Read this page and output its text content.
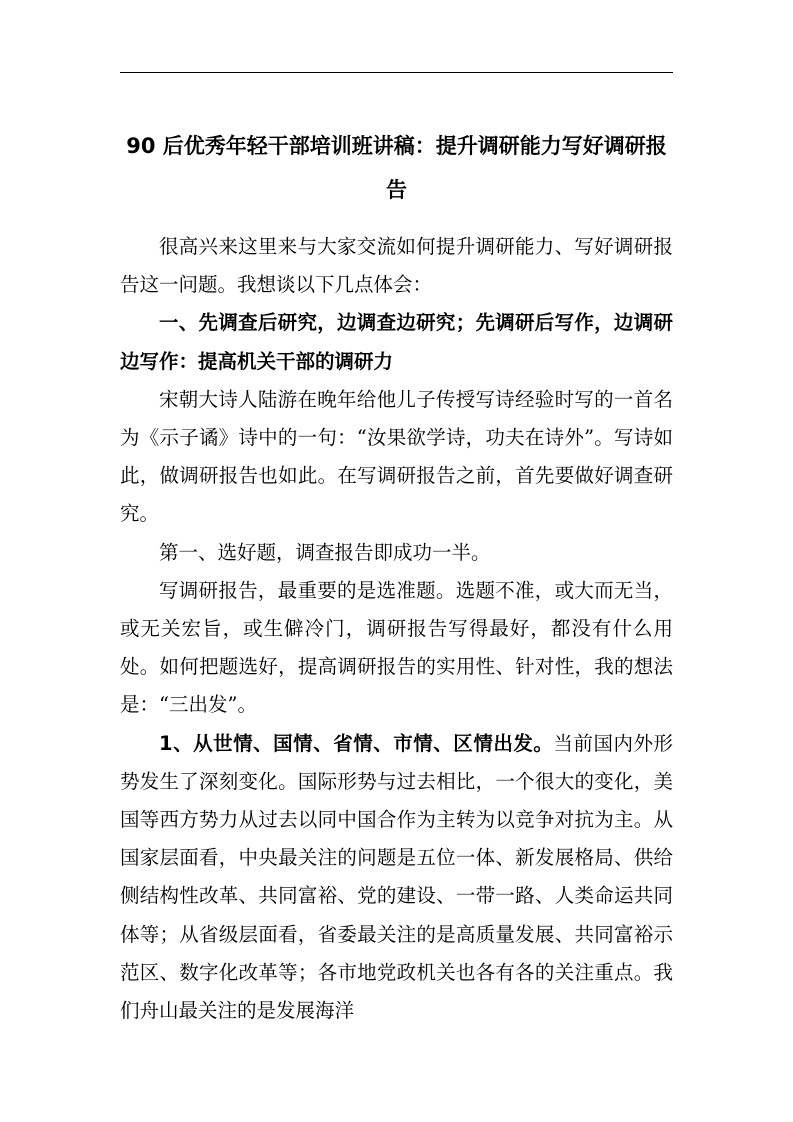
90 后优秀年轻干部培训班讲稿：提升调研能力写好调研报告

很高兴来这里来与大家交流如何提升调研能力、写好调研报告这一问题。我想谈以下几点体会：

一、先调查后研究，边调查边研究；先调研后写作，边调研边写作：提高机关干部的调研力

宋朝大诗人陆游在晚年给他儿子传授写诗经验时写的一首名为《示子谲》诗中的一句：“汝果欲学诗，功夫在诗外”。写诗如此，做调研报告也如此。在写调研报告之前，首先要做好调查研究。

第一、选好题，调查报告即成功一半。

写调研报告，最重要的是选准题。选题不准，或大而无当，或无关宏旨，或生僻冷门，调研报告写得最好，都没有什么用处。如何把题选好，提高调研报告的实用性、针对性，我的想法是：“三出发”。

1、从世情、国情、省情、市情、区情出发。当前国内外形势发生了深刻变化。国际形势与过去相比，一个很大的变化，美国等西方势力从过去以同中国合作为主转为以竞争对抗为主。从国家层面看，中央最关注的问题是五位一体、新发展格局、供给侧结构性改革、共同富裕、党的建设、一带一路、人类命运共同体等；从省级层面看，省委最关注的是高质量发展、共同富裕示范区、数字化改革等；各市地党政机关也各有各的关注重点。我们舟山最关注的是发展海洋
